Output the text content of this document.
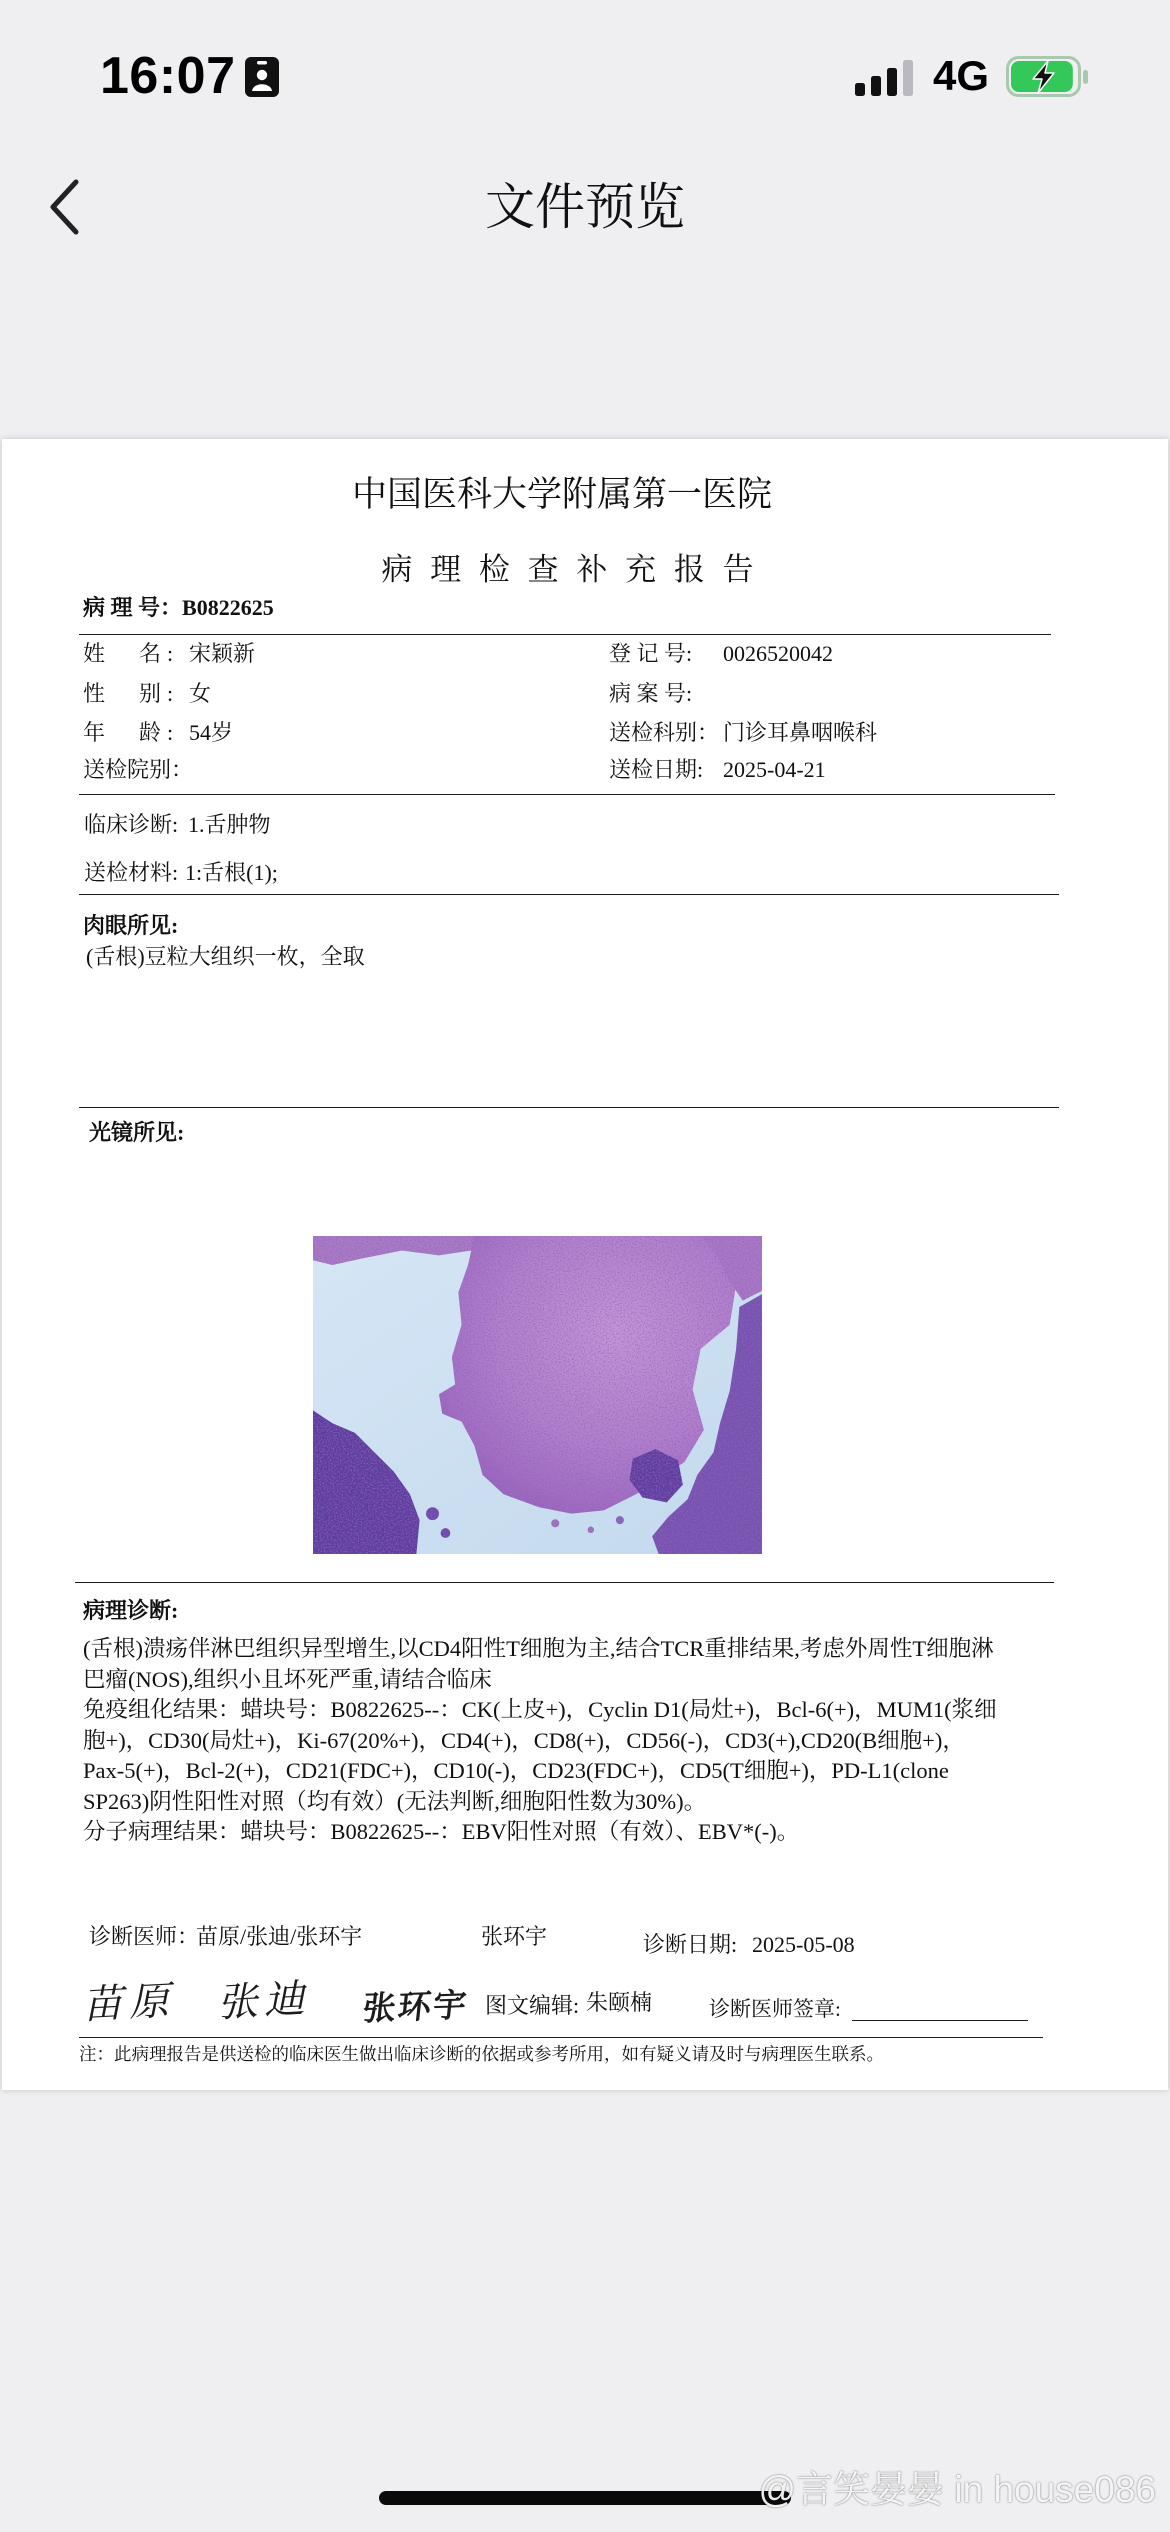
16:07	4G
文件预览
中国医科大学附属第一医院
病 理 检 查 补 充 报 告
病 理 号：B0822625
姓　名: 宋颖新	登 记 号: 0026520042
性　别: 女	病 案 号:
年　龄: 54岁	送检科别： 门诊耳鼻咽喉科
送检院别：	送检日期: 2025-04-21
临床诊断: 1.舌肿物
送检材料: 1:舌根(1);
肉眼所见:
(舌根)豆粒大组织一枚，全取
光镜所见:
病理诊断:
(舌根)溃疡伴淋巴组织异型增生,以CD4阳性T细胞为主,结合TCR重排结果,考虑外周性T细胞淋
巴瘤(NOS),组织小且坏死严重,请结合临床
免疫组化结果：蜡块号：B0822625--：CK(上皮+)，Cyclin D1(局灶+)，Bcl-6(+)，MUM1(浆细
胞+)，CD30(局灶+)，Ki-67(20%+)，CD4(+)，CD8(+)，CD56(-)，CD3(+),CD20(B细胞+)，
Pax-5(+)，Bcl-2(+)，CD21(FDC+)，CD10(-)，CD23(FDC+)，CD5(T细胞+)，PD-L1(clone
SP263)阴性阳性对照（均有效）(无法判断,细胞阳性数为30%)。
分子病理结果：蜡块号：B0822625--：EBV阳性对照（有效）、EBV*(-)。
诊断医师：
苗原/张迪/张环宇	张环宇	诊断日期: 2025-05-08
苗原 张迪 张环宇 图文编辑: 朱颐楠	诊断医师签章:
注：此病理报告是供送检的临床医生做出临床诊断的依据或参考所用，如有疑义请及时与病理医生联系。
@言笑晏晏 in house086
